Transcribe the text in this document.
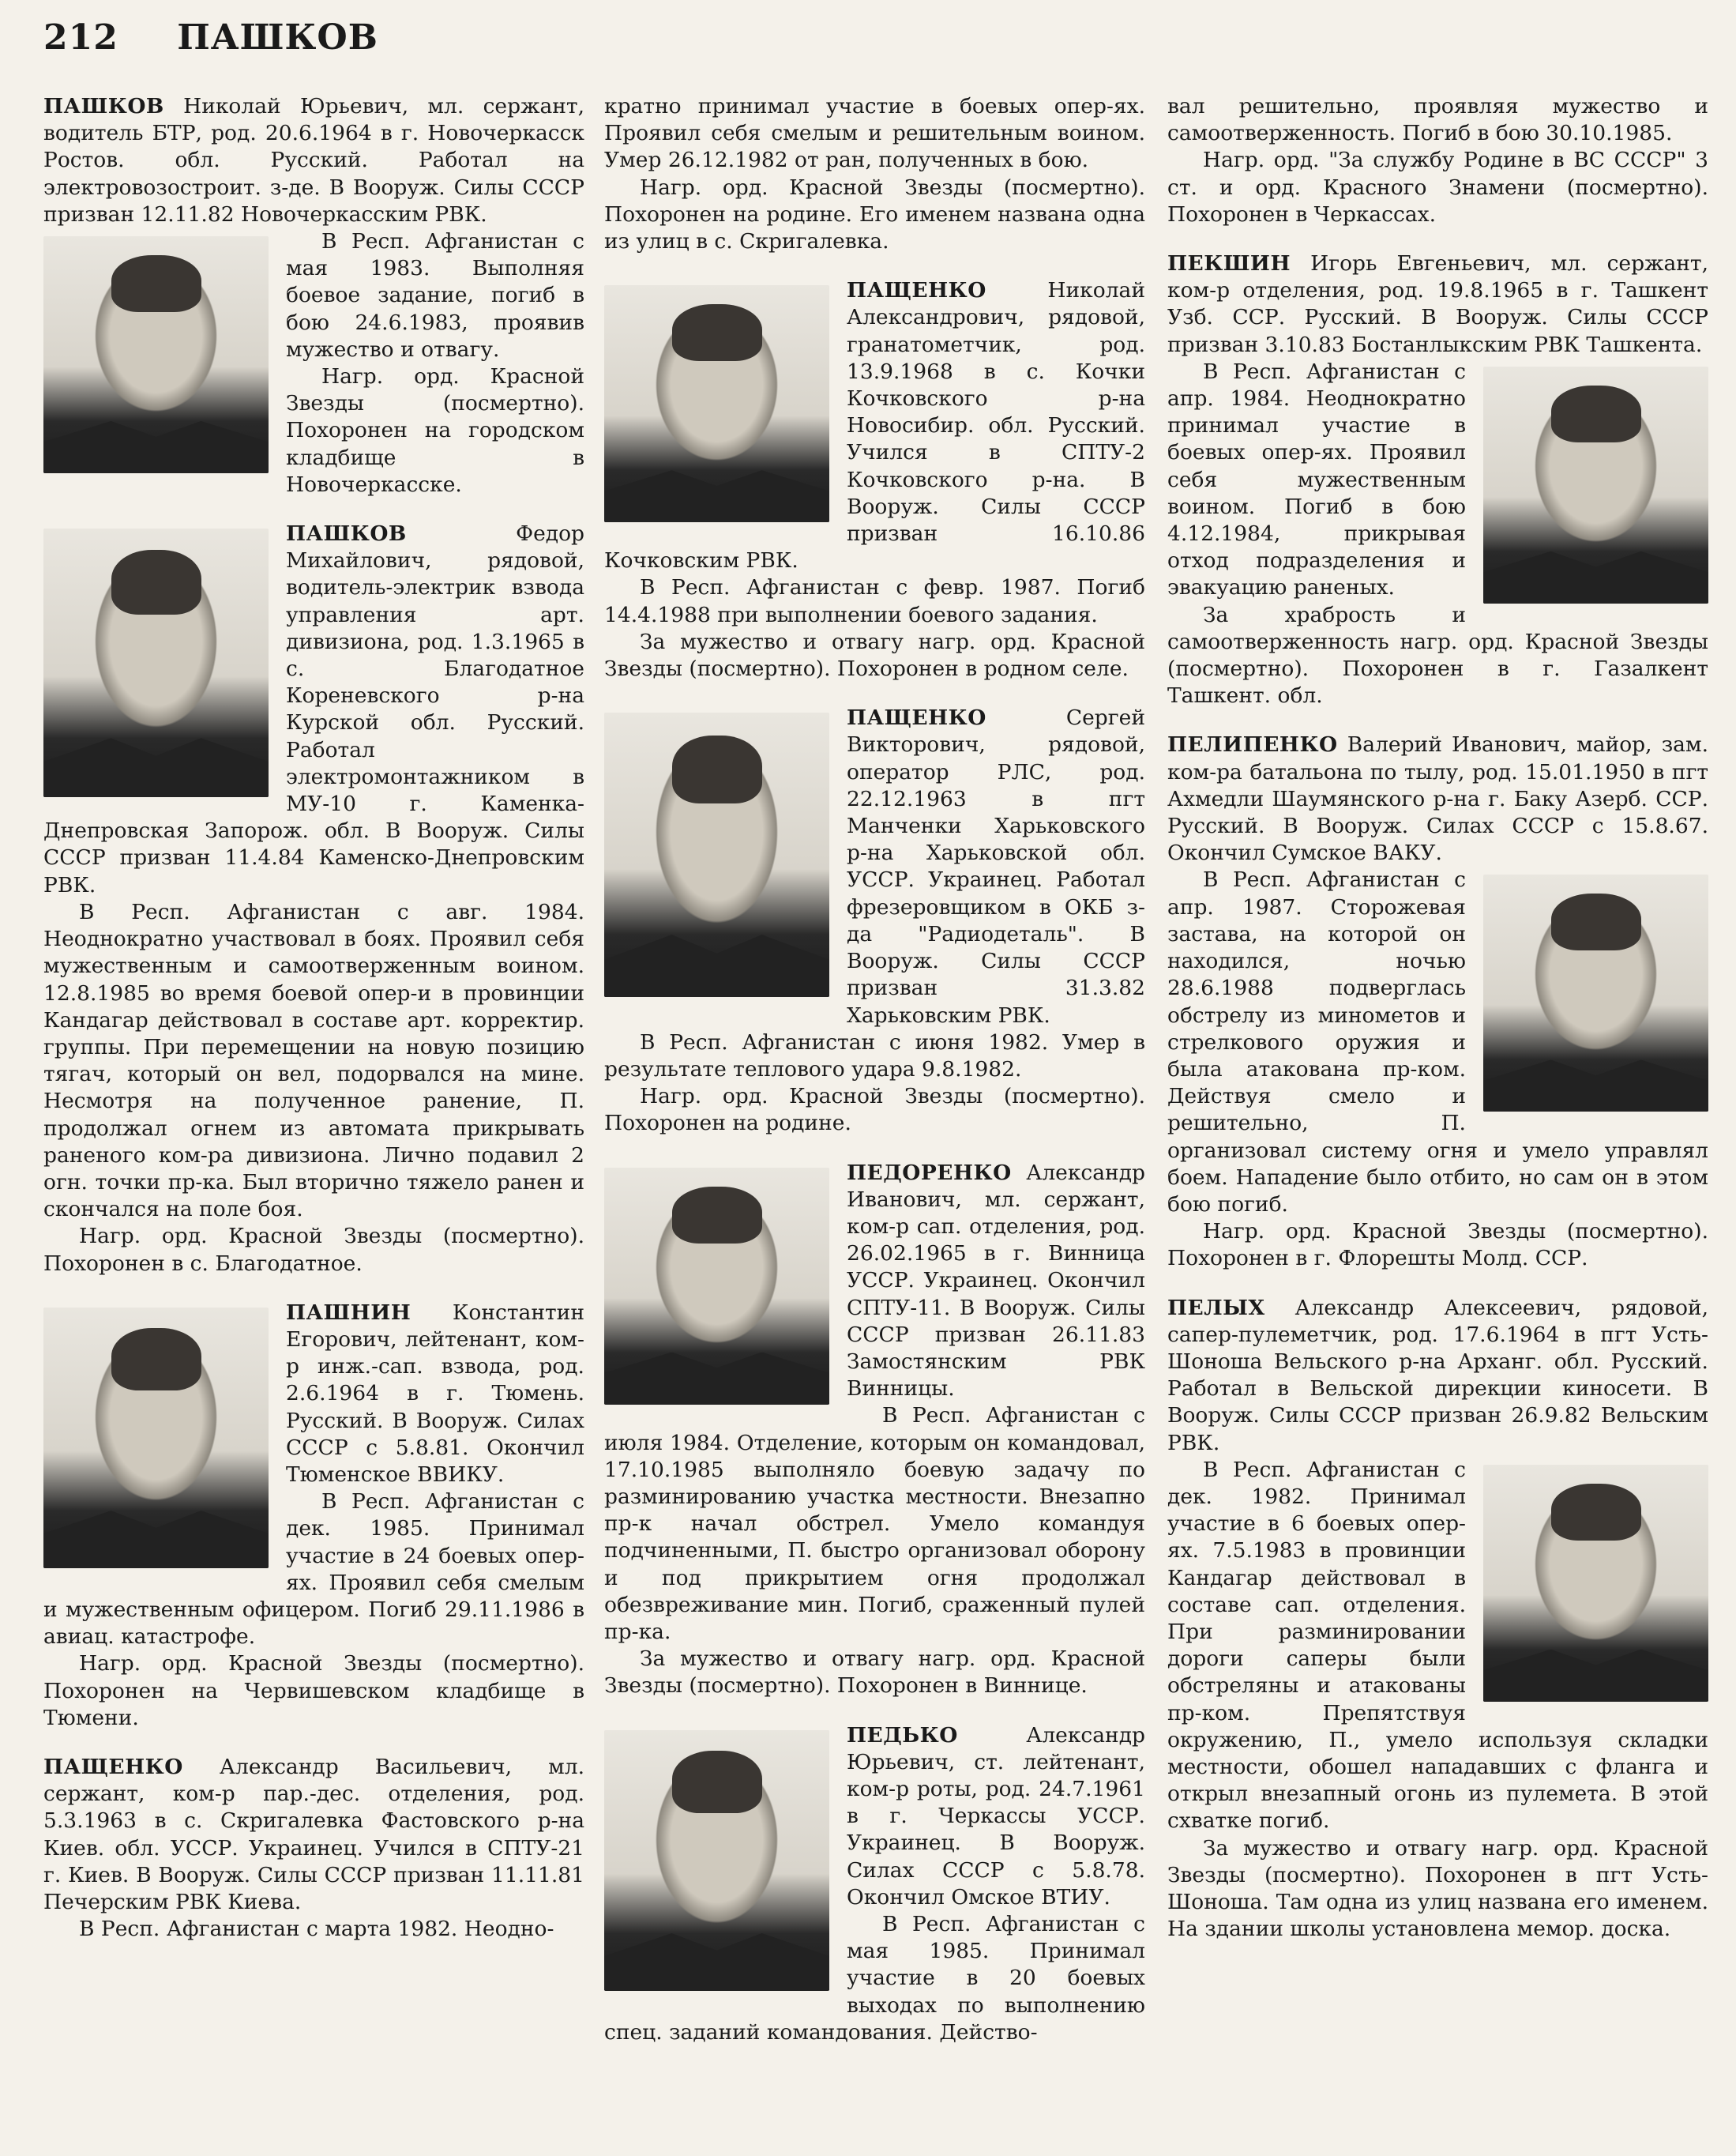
212 ПАШКОВ

ПАШКОВ Николай Юрьевич, мл. сержант, водитель БТР, род. 20.6.1964 в г. Новочеркасск Ростов. обл. Русский. Работал на электровозостроит. з-де. В Вооруж. Силы СССР призван 12.11.82 Новочеркасским РВК.

В Респ. Афганистан с мая 1983. Выполняя боевое задание, погиб в бою 24.6.1983, проявив мужество и отвагу.

Нагр. орд. Красной Звезды (посмертно). Похоронен на городском кладбище в Новочеркасске.

ПАШКОВ Федор Михайлович, рядовой, водитель-электрик взвода управления арт. дивизиона, род. 1.3.1965 в с. Благодатное Кореневского р-на Курской обл. Русский. Работал электромонтажником в МУ-10 г. Каменка-Днепровская Запорож. обл. В Вооруж. Силы СССР призван 11.4.84 Каменско-Днепровским РВК.

В Респ. Афганистан с авг. 1984. Неоднократно участвовал в боях. Проявил себя мужественным и самоотверженным воином. 12.8.1985 во время боевой опер-и в провинции Кандагар действовал в составе арт. корректир. группы. При перемещении на новую позицию тягач, который он вел, подорвался на мине. Несмотря на полученное ранение, П. продолжал огнем из автомата прикрывать раненого ком-ра дивизиона. Лично подавил 2 огн. точки пр-ка. Был вторично тяжело ранен и скончался на поле боя.

Нагр. орд. Красной Звезды (посмертно). Похоронен в с. Благодатное.

ПАШНИН Константин Егорович, лейтенант, ком-р инж.-сап. взвода, род. 2.6.1964 в г. Тюмень. Русский. В Вооруж. Силах СССР с 5.8.81. Окончил Тюменское ВВИКУ.

В Респ. Афганистан с дек. 1985. Принимал участие в 24 боевых опер-ях. Проявил себя смелым и мужественным офицером. Погиб 29.11.1986 в авиац. катастрофе.

Нагр. орд. Красной Звезды (посмертно). Похоронен на Червишевском кладбище в Тюмени.

ПАЩЕНКО Александр Васильевич, мл. сержант, ком-р пар.-дес. отделения, род. 5.3.1963 в с. Скригалевка Фастовского р-на Киев. обл. УССР. Украинец. Учился в СПТУ-21 г. Киев. В Вооруж. Силы СССР призван 11.11.81 Печерским РВК Киева.

В Респ. Афганистан с марта 1982. Неодно-

кратно принимал участие в боевых опер-ях. Проявил себя смелым и решительным воином. Умер 26.12.1982 от ран, полученных в бою.

Нагр. орд. Красной Звезды (посмертно). Похоронен на родине. Его именем названа одна из улиц в с. Скригалевка.

ПАЩЕНКО Николай Александрович, рядовой, гранатометчик, род. 13.9.1968 в с. Кочки Кочковского р-на Новосибир. обл. Русский. Учился в СПТУ-2 Кочковского р-на. В Вооруж. Силы СССР призван 16.10.86 Кочковским РВК.

В Респ. Афганистан с февр. 1987. Погиб 14.4.1988 при выполнении боевого задания.

За мужество и отвагу нагр. орд. Красной Звезды (посмертно). Похоронен в родном селе.

ПАЩЕНКО Сергей Викторович, рядовой, оператор РЛС, род. 22.12.1963 в пгт Манченки Харьковского р-на Харьковской обл. УССР. Украинец. Работал фрезеровщиком в ОКБ з-да "Радиодеталь". В Вооруж. Силы СССР призван 31.3.82 Харьковским РВК.

В Респ. Афганистан с июня 1982. Умер в результате теплового удара 9.8.1982.

Нагр. орд. Красной Звезды (посмертно). Похоронен на родине.

ПЕДОРЕНКО Александр Иванович, мл. сержант, ком-р сап. отделения, род. 26.02.1965 в г. Винница УССР. Украинец. Окончил СПТУ-11. В Вооруж. Силы СССР призван 26.11.83 Замостянским РВК Винницы.

В Респ. Афганистан с июля 1984. Отделение, которым он командовал, 17.10.1985 выполняло боевую задачу по разминированию участка местности. Внезапно пр-к начал обстрел. Умело командуя подчиненными, П. быстро организовал оборону и под прикрытием огня продолжал обезвреживание мин. Погиб, сраженный пулей пр-ка.

За мужество и отвагу нагр. орд. Красной Звезды (посмертно). Похоронен в Виннице.

ПЕДЬКО Александр Юрьевич, ст. лейтенант, ком-р роты, род. 24.7.1961 в г. Черкассы УССР. Украинец. В Вооруж. Силах СССР с 5.8.78. Окончил Омское ВТИУ.

В Респ. Афганистан с мая 1985. Принимал участие в 20 боевых выходах по выполнению спец. заданий командования. Действо-

вал решительно, проявляя мужество и самоотверженность. Погиб в бою 30.10.1985.

Нагр. орд. "За службу Родине в ВС СССР" 3 ст. и орд. Красного Знамени (посмертно). Похоронен в Черкассах.

ПЕКШИН Игорь Евгеньевич, мл. сержант, ком-р отделения, род. 19.8.1965 в г. Ташкент Узб. ССР. Русский. В Вооруж. Силы СССР призван 3.10.83 Бостанлыкским РВК Ташкента.

В Респ. Афганистан с апр. 1984. Неоднократно принимал участие в боевых опер-ях. Проявил себя мужественным воином. Погиб в бою 4.12.1984, прикрывая отход подразделения и эвакуацию раненых.

За храбрость и самоотверженность нагр. орд. Красной Звезды (посмертно). Похоронен в г. Газалкент Ташкент. обл.

ПЕЛИПЕНКО Валерий Иванович, майор, зам. ком-ра батальона по тылу, род. 15.01.1950 в пгт Ахмедли Шаумянского р-на г. Баку Азерб. ССР. Русский. В Вооруж. Силах СССР с 15.8.67. Окончил Сумское ВАКУ.

В Респ. Афганистан с апр. 1987. Сторожевая застава, на которой он находился, ночью 28.6.1988 подверглась обстрелу из минометов и стрелкового оружия и была атакована пр-ком. Действуя смело и решительно, П. организовал систему огня и умело управлял боем. Нападение было отбито, но сам он в этом бою погиб.

Нагр. орд. Красной Звезды (посмертно). Похоронен в г. Флорешты Молд. ССР.

ПЕЛЫХ Александр Алексеевич, рядовой, сапер-пулеметчик, род. 17.6.1964 в пгт Усть-Шоноша Вельского р-на Арханг. обл. Русский. Работал в Вельской дирекции киносети. В Вооруж. Силы СССР призван 26.9.82 Вельским РВК.

В Респ. Афганистан с дек. 1982. Принимал участие в 6 боевых опер-ях. 7.5.1983 в провинции Кандагар действовал в составе сап. отделения. При разминировании дороги саперы были обстреляны и атакованы пр-ком. Препятствуя окружению, П., умело используя складки местности, обошел нападавших с фланга и открыл внезапный огонь из пулемета. В этой схватке погиб.

За мужество и отвагу нагр. орд. Красной Звезды (посмертно). Похоронен в пгт Усть-Шоноша. Там одна из улиц названа его именем. На здании школы установлена мемор. доска.
